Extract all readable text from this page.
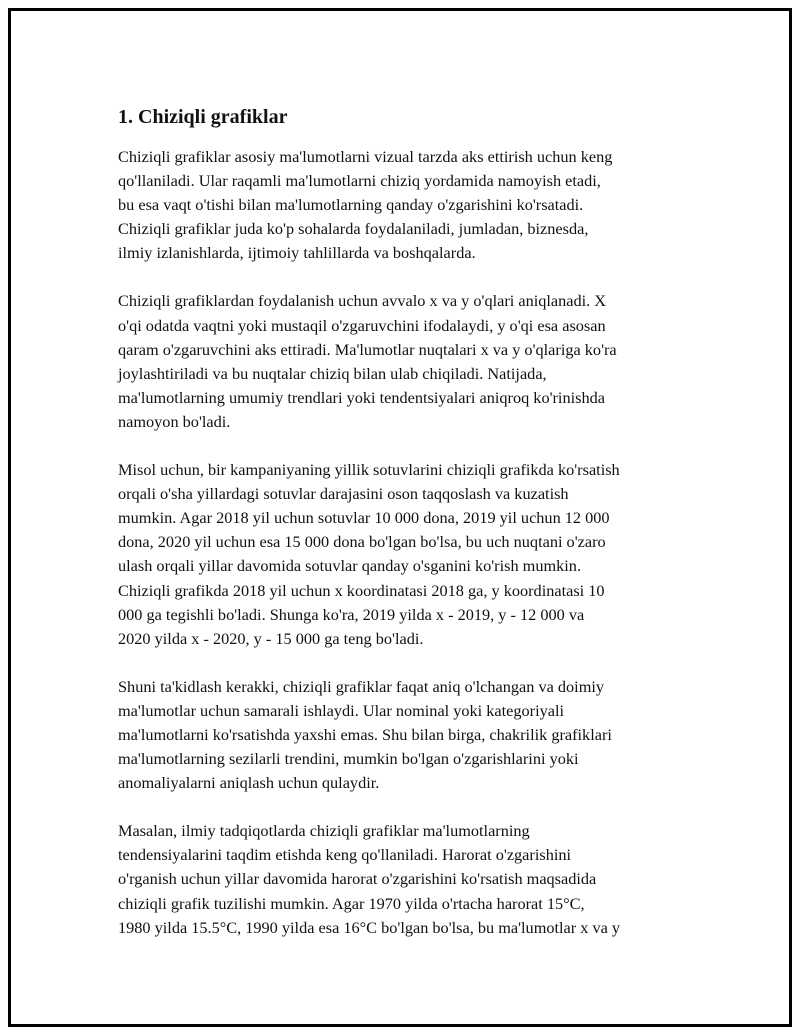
1. Chiziqli grafiklar

Chiziqli grafiklar asosiy ma'lumotlarni vizual tarzda aks ettirish uchun keng
qo'llaniladi. Ular raqamli ma'lumotlarni chiziq yordamida namoyish etadi,
bu esa vaqt o'tishi bilan ma'lumotlarning qanday o'zgarishini ko'rsatadi.
Chiziqli grafiklar juda ko'p sohalarda foydalaniladi, jumladan, biznesda,
ilmiy izlanishlarda, ijtimoiy tahlillarda va boshqalarda.

Chiziqli grafiklardan foydalanish uchun avvalo x va y o'qlari aniqlanadi. X
o'qi odatda vaqtni yoki mustaqil o'zgaruvchini ifodalaydi, y o'qi esa asosan
qaram o'zgaruvchini aks ettiradi. Ma'lumotlar nuqtalari x va y o'qlariga ko'ra
joylashtiriladi va bu nuqtalar chiziq bilan ulab chiqiladi. Natijada,
ma'lumotlarning umumiy trendlari yoki tendentsiyalari aniqroq ko'rinishda
namoyon bo'ladi.

Misol uchun, bir kampaniyaning yillik sotuvlarini chiziqli grafikda ko'rsatish
orqali o'sha yillardagi sotuvlar darajasini oson taqqoslash va kuzatish
mumkin. Agar 2018 yil uchun sotuvlar 10 000 dona, 2019 yil uchun 12 000
dona, 2020 yil uchun esa 15 000 dona bo'lgan bo'lsa, bu uch nuqtani o'zaro
ulash orqali yillar davomida sotuvlar qanday o'sganini ko'rish mumkin.
Chiziqli grafikda 2018 yil uchun x koordinatasi 2018 ga, y koordinatasi 10
000 ga tegishli bo'ladi. Shunga ko'ra, 2019 yilda x - 2019, y - 12 000 va
2020 yilda x - 2020, y - 15 000 ga teng bo'ladi.

Shuni ta'kidlash kerakki, chiziqli grafiklar faqat aniq o'lchangan va doimiy
ma'lumotlar uchun samarali ishlaydi. Ular nominal yoki kategoriyali
ma'lumotlarni ko'rsatishda yaxshi emas. Shu bilan birga, chakrilik grafiklari
ma'lumotlarning sezilarli trendini, mumkin bo'lgan o'zgarishlarini yoki
anomaliyalarni aniqlash uchun qulaydir.

Masalan, ilmiy tadqiqotlarda chiziqli grafiklar ma'lumotlarning
tendensiyalarini taqdim etishda keng qo'llaniladi. Harorat o'zgarishini
o'rganish uchun yillar davomida harorat o'zgarishini ko'rsatish maqsadida
chiziqli grafik tuzilishi mumkin. Agar 1970 yilda o'rtacha harorat 15°C,
1980 yilda 15.5°C, 1990 yilda esa 16°C bo'lgan bo'lsa, bu ma'lumotlar x va y
